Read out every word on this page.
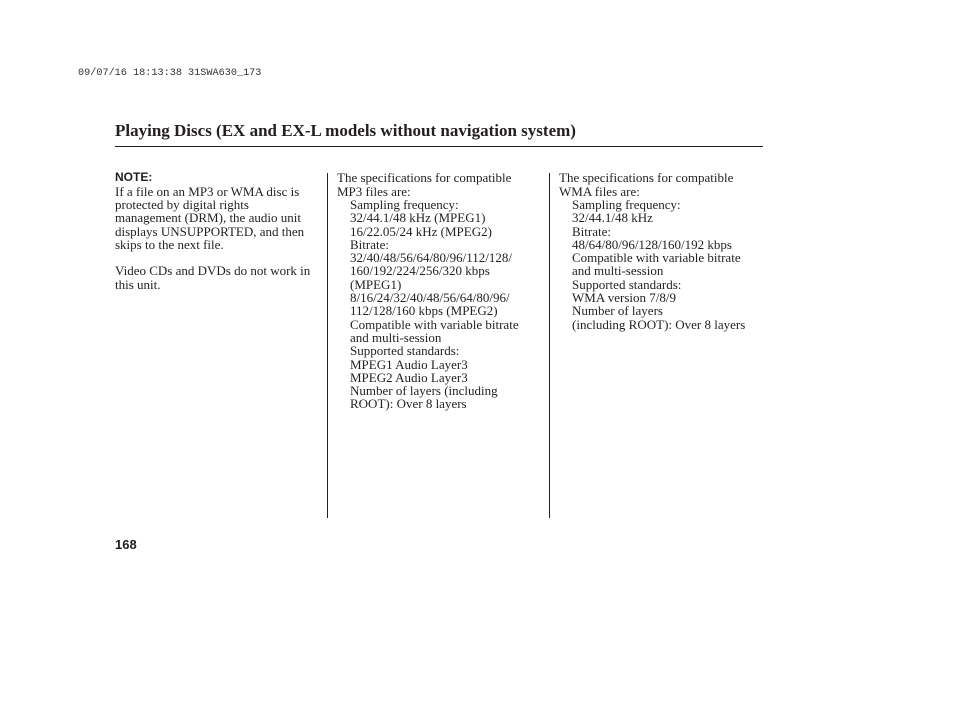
09/07/16 18:13:38 31SWA630_173
Playing Discs (EX and EX-L models without navigation system)
NOTE:
If a file on an MP3 or WMA disc is
protected by digital rights
management (DRM), the audio unit
displays UNSUPPORTED, and then
skips to the next file.
Video CDs and DVDs do not work in
this unit.
The specifications for compatible
MP3 files are:
Sampling frequency:
32/44.1/48 kHz (MPEG1)
16/22.05/24 kHz (MPEG2)
Bitrate:
32/40/48/56/64/80/96/112/128/
160/192/224/256/320 kbps
(MPEG1)
8/16/24/32/40/48/56/64/80/96/
112/128/160 kbps (MPEG2)
Compatible with variable bitrate
and multi-session
Supported standards:
MPEG1 Audio Layer3
MPEG2 Audio Layer3
Number of layers (including
ROOT): Over 8 layers
The specifications for compatible
WMA files are:
Sampling frequency:
32/44.1/48 kHz
Bitrate:
48/64/80/96/128/160/192 kbps
Compatible with variable bitrate
and multi-session
Supported standards:
WMA version 7/8/9
Number of layers
(including ROOT): Over 8 layers
168
